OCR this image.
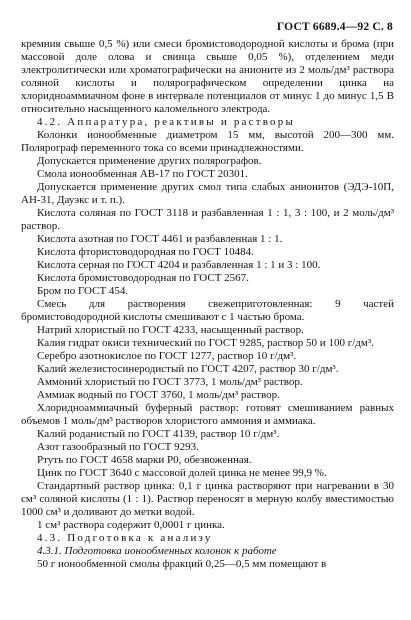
ГОСТ 6689.4—92 С. 8

кремния свыше 0,5 %) или смеси бромистоводородной кислоты и брома (при массовой доле олова и свинца свыше 0,05 %), отделением меди электролитически или хроматографически на анионите из 2 моль/дм³ раствора соляной кислоты и полярографическом определении цинка на хлоридноаммиачном фоне в интервале потенциалов от минус 1 до минус 1,5 В относительно насыщенного каломельного электрода.

4.2. Аппаратура, реактивы и растворы

Колонки ионообменные диаметром 15 мм, высотой 200—300 мм. Полярограф переменного тока со всеми принадлежностями.

Допускается применение других полярографов.

Смола ионообменная АВ-17 по ГОСТ 20301.

Допускается применение других смол типа слабых анионитов (ЭДЭ-10П, АН-31, Дауэкс и т. п.).

Кислота соляная по ГОСТ 3118 и разбавленная 1 : 1, 3 : 100, и 2 моль/дм³ раствор.

Кислота азотная по ГОСТ 4461 и разбавленная 1 : 1.

Кислота фтористоводородная по ГОСТ 10484.

Кислота серная по ГОСТ 4204 и разбавленная 1 : 1 и 3 : 100.

Кислота бромистоводородная по ГОСТ 2567.

Бром по ГОСТ 454.

Смесь для растворения свежеприготовленная: 9 частей бромистоводородной кислоты смешивают с 1 частью брома.

Натрий хлористый по ГОСТ 4233, насыщенный раствор.

Калия гидрат окиси технический по ГОСТ 9285, раствор 50 и 100 г/дм³.

Серебро азотнокислое по ГОСТ 1277, раствор 10 г/дм³.

Калий железистосинеродистый по ГОСТ 4207, раствор 30 г/дм³.

Аммоний хлористый по ГОСТ 3773, 1 моль/дм³ раствор.

Аммиак водный по ГОСТ 3760, 1 моль/дм³ раствор.

Хлоридноаммиачный буферный раствор: готовят смешиванием равных объемов 1 моль/дм³ растворов хлористого аммония и аммиака.

Калий роданистый по ГОСТ 4139, раствор 10 г/дм³.

Азот газообразный по ГОСТ 9293.

Ртуть по ГОСТ 4658 марки Р0, обезвоженная.

Цинк по ГОСТ 3640 с массовой долей цинка не менее 99,9 %.

Стандартный раствор цинка: 0,1 г цинка растворяют при нагревании в 30 см³ соляной кислоты (1 : 1). Раствор переносят в мерную колбу вместимостью 1000 см³ и доливают до метки водой.

1 см³ раствора содержит 0,0001 г цинка.

4.3. Подготовка к анализу

4.3.1. Подготовка ионообменных колонок к работе

50 г ионообменной смолы фракций 0,25—0,5 мм помещают в
